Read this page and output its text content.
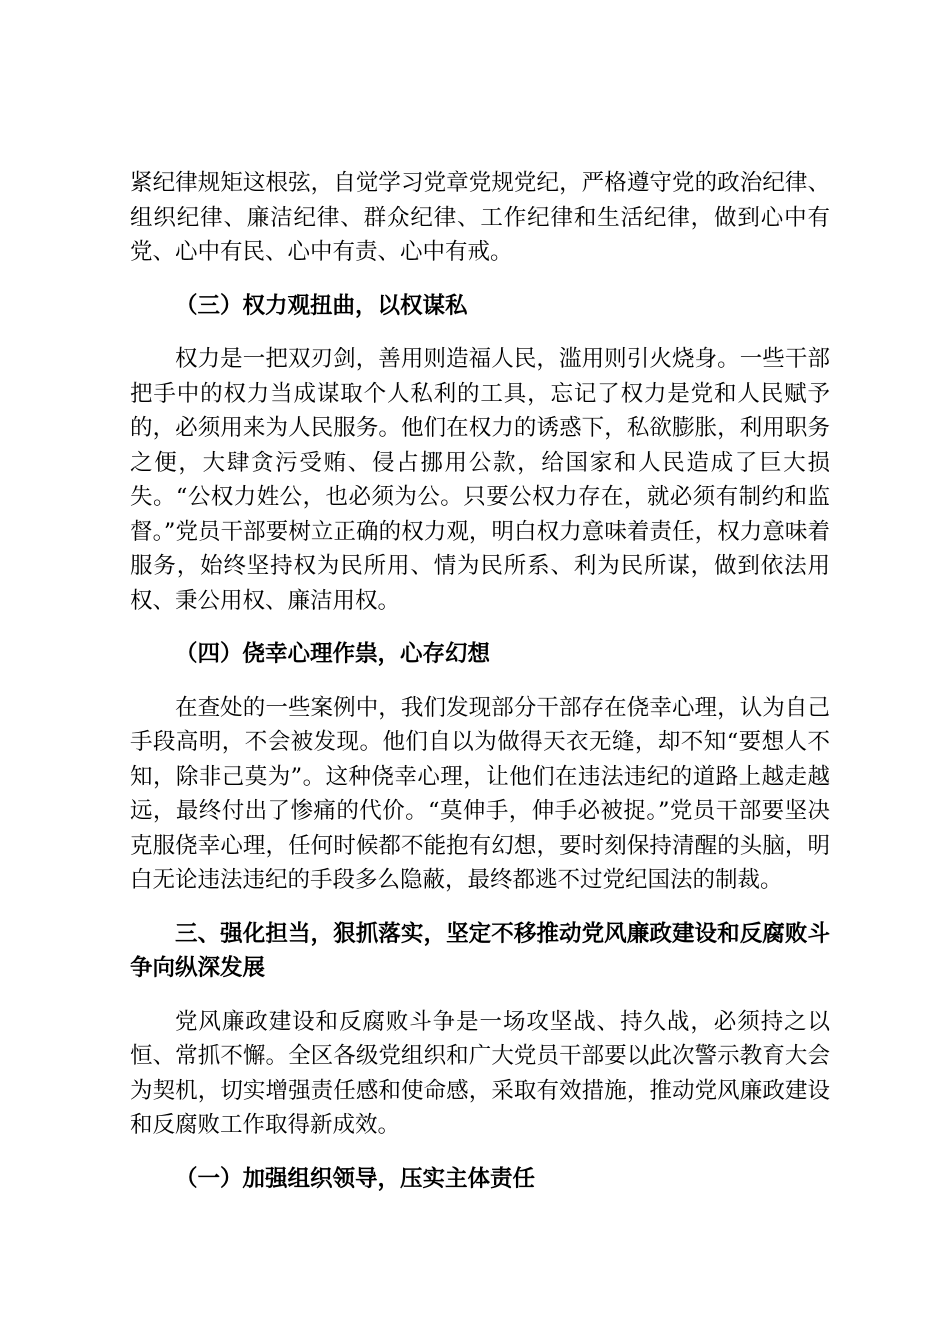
紧纪律规矩这根弦，自觉学习党章党规党纪，严格遵守党的政治纪律、组织纪律、廉洁纪律、群众纪律、工作纪律和生活纪律，做到心中有党、心中有民、心中有责、心中有戒。

（三）权力观扭曲，以权谋私

权力是一把双刃剑，善用则造福人民，滥用则引火烧身。一些干部把手中的权力当成谋取个人私利的工具，忘记了权力是党和人民赋予的，必须用来为人民服务。他们在权力的诱惑下，私欲膨胀，利用职务之便，大肆贪污受贿、侵占挪用公款，给国家和人民造成了巨大损失。“公权力姓公，也必须为公。只要公权力存在，就必须有制约和监督。”党员干部要树立正确的权力观，明白权力意味着责任，权力意味着服务，始终坚持权为民所用、情为民所系、利为民所谋，做到依法用权、秉公用权、廉洁用权。

（四）侥幸心理作祟，心存幻想

在查处的一些案例中，我们发现部分干部存在侥幸心理，认为自己手段高明，不会被发现。他们自以为做得天衣无缝，却不知“要想人不知，除非己莫为”。这种侥幸心理，让他们在违法违纪的道路上越走越远，最终付出了惨痛的代价。“莫伸手，伸手必被捉。”党员干部要坚决克服侥幸心理，任何时候都不能抱有幻想，要时刻保持清醒的头脑，明白无论违法违纪的手段多么隐蔽，最终都逃不过党纪国法的制裁。

三、强化担当，狠抓落实，坚定不移推动党风廉政建设和反腐败斗争向纵深发展

党风廉政建设和反腐败斗争是一场攻坚战、持久战，必须持之以恒、常抓不懈。全区各级党组织和广大党员干部要以此次警示教育大会为契机，切实增强责任感和使命感，采取有效措施，推动党风廉政建设和反腐败工作取得新成效。

（一）加强组织领导，压实主体责任
